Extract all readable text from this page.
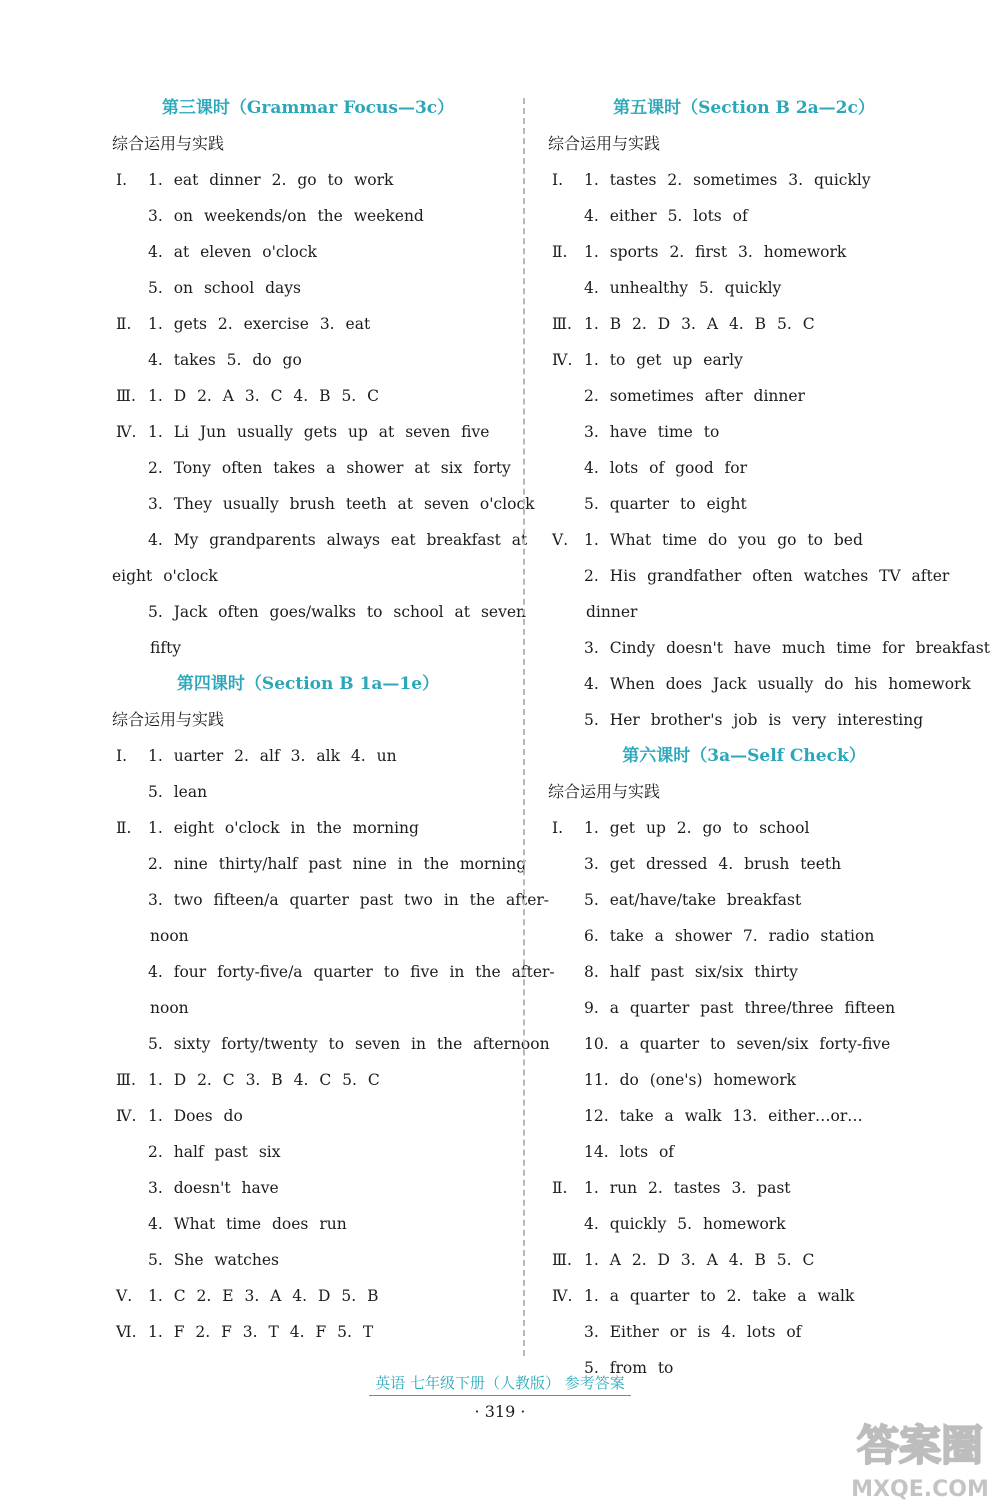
第三课时（Grammar Focus—3c）
综合运用与实践
Ⅰ. 1. eat dinner 2. go to work
3. on weekends/on the weekend
4. at eleven o'clock
5. on school days
Ⅱ. 1. gets 2. exercise 3. eat
4. takes 5. do go
Ⅲ. 1. D 2. A 3. C 4. B 5. C
Ⅳ. 1. Li Jun usually gets up at seven five
2. Tony often takes a shower at six forty
3. They usually brush teeth at seven o'clock
4. My grandparents always eat breakfast at
eight o'clock
5. Jack often goes/walks to school at seven
fifty
第四课时（Section B 1a—1e）
综合运用与实践
Ⅰ. 1. uarter 2. alf 3. alk 4. un
5. lean
Ⅱ. 1. eight o'clock in the morning
2. nine thirty/half past nine in the morning
3. two fifteen/a quarter past two in the after-
noon
4. four forty-five/a quarter to five in the after-
noon
5. sixty forty/twenty to seven in the afternoon
Ⅲ. 1. D 2. C 3. B 4. C 5. C
Ⅳ. 1. Does do
2. half past six
3. doesn't have
4. What time does run
5. She watches
Ⅴ. 1. C 2. E 3. A 4. D 5. B
Ⅵ. 1. F 2. F 3. T 4. F 5. T
第五课时（Section B 2a—2c）
综合运用与实践
Ⅰ. 1. tastes 2. sometimes 3. quickly
4. either 5. lots of
Ⅱ. 1. sports 2. first 3. homework
4. unhealthy 5. quickly
Ⅲ. 1. B 2. D 3. A 4. B 5. C
Ⅳ. 1. to get up early
2. sometimes after dinner
3. have time to
4. lots of good for
5. quarter to eight
Ⅴ. 1. What time do you go to bed
2. His grandfather often watches TV after
dinner
3. Cindy doesn't have much time for breakfast
4. When does Jack usually do his homework
5. Her brother's job is very interesting
第六课时（3a—Self Check）
综合运用与实践
Ⅰ. 1. get up 2. go to school
3. get dressed 4. brush teeth
5. eat/have/take breakfast
6. take a shower 7. radio station
8. half past six/six thirty
9. a quarter past three/three fifteen
10. a quarter to seven/six forty-five
11. do (one's) homework
12. take a walk 13. either…or…
14. lots of
Ⅱ. 1. run 2. tastes 3. past
4. quickly 5. homework
Ⅲ. 1. A 2. D 3. A 4. B 5. C
Ⅳ. 1. a quarter to 2. take a walk
3. Either or is 4. lots of
5. from to
英语 七年级下册（人教版） 参考答案
· 319 ·
答案圈
MXQE.COM
